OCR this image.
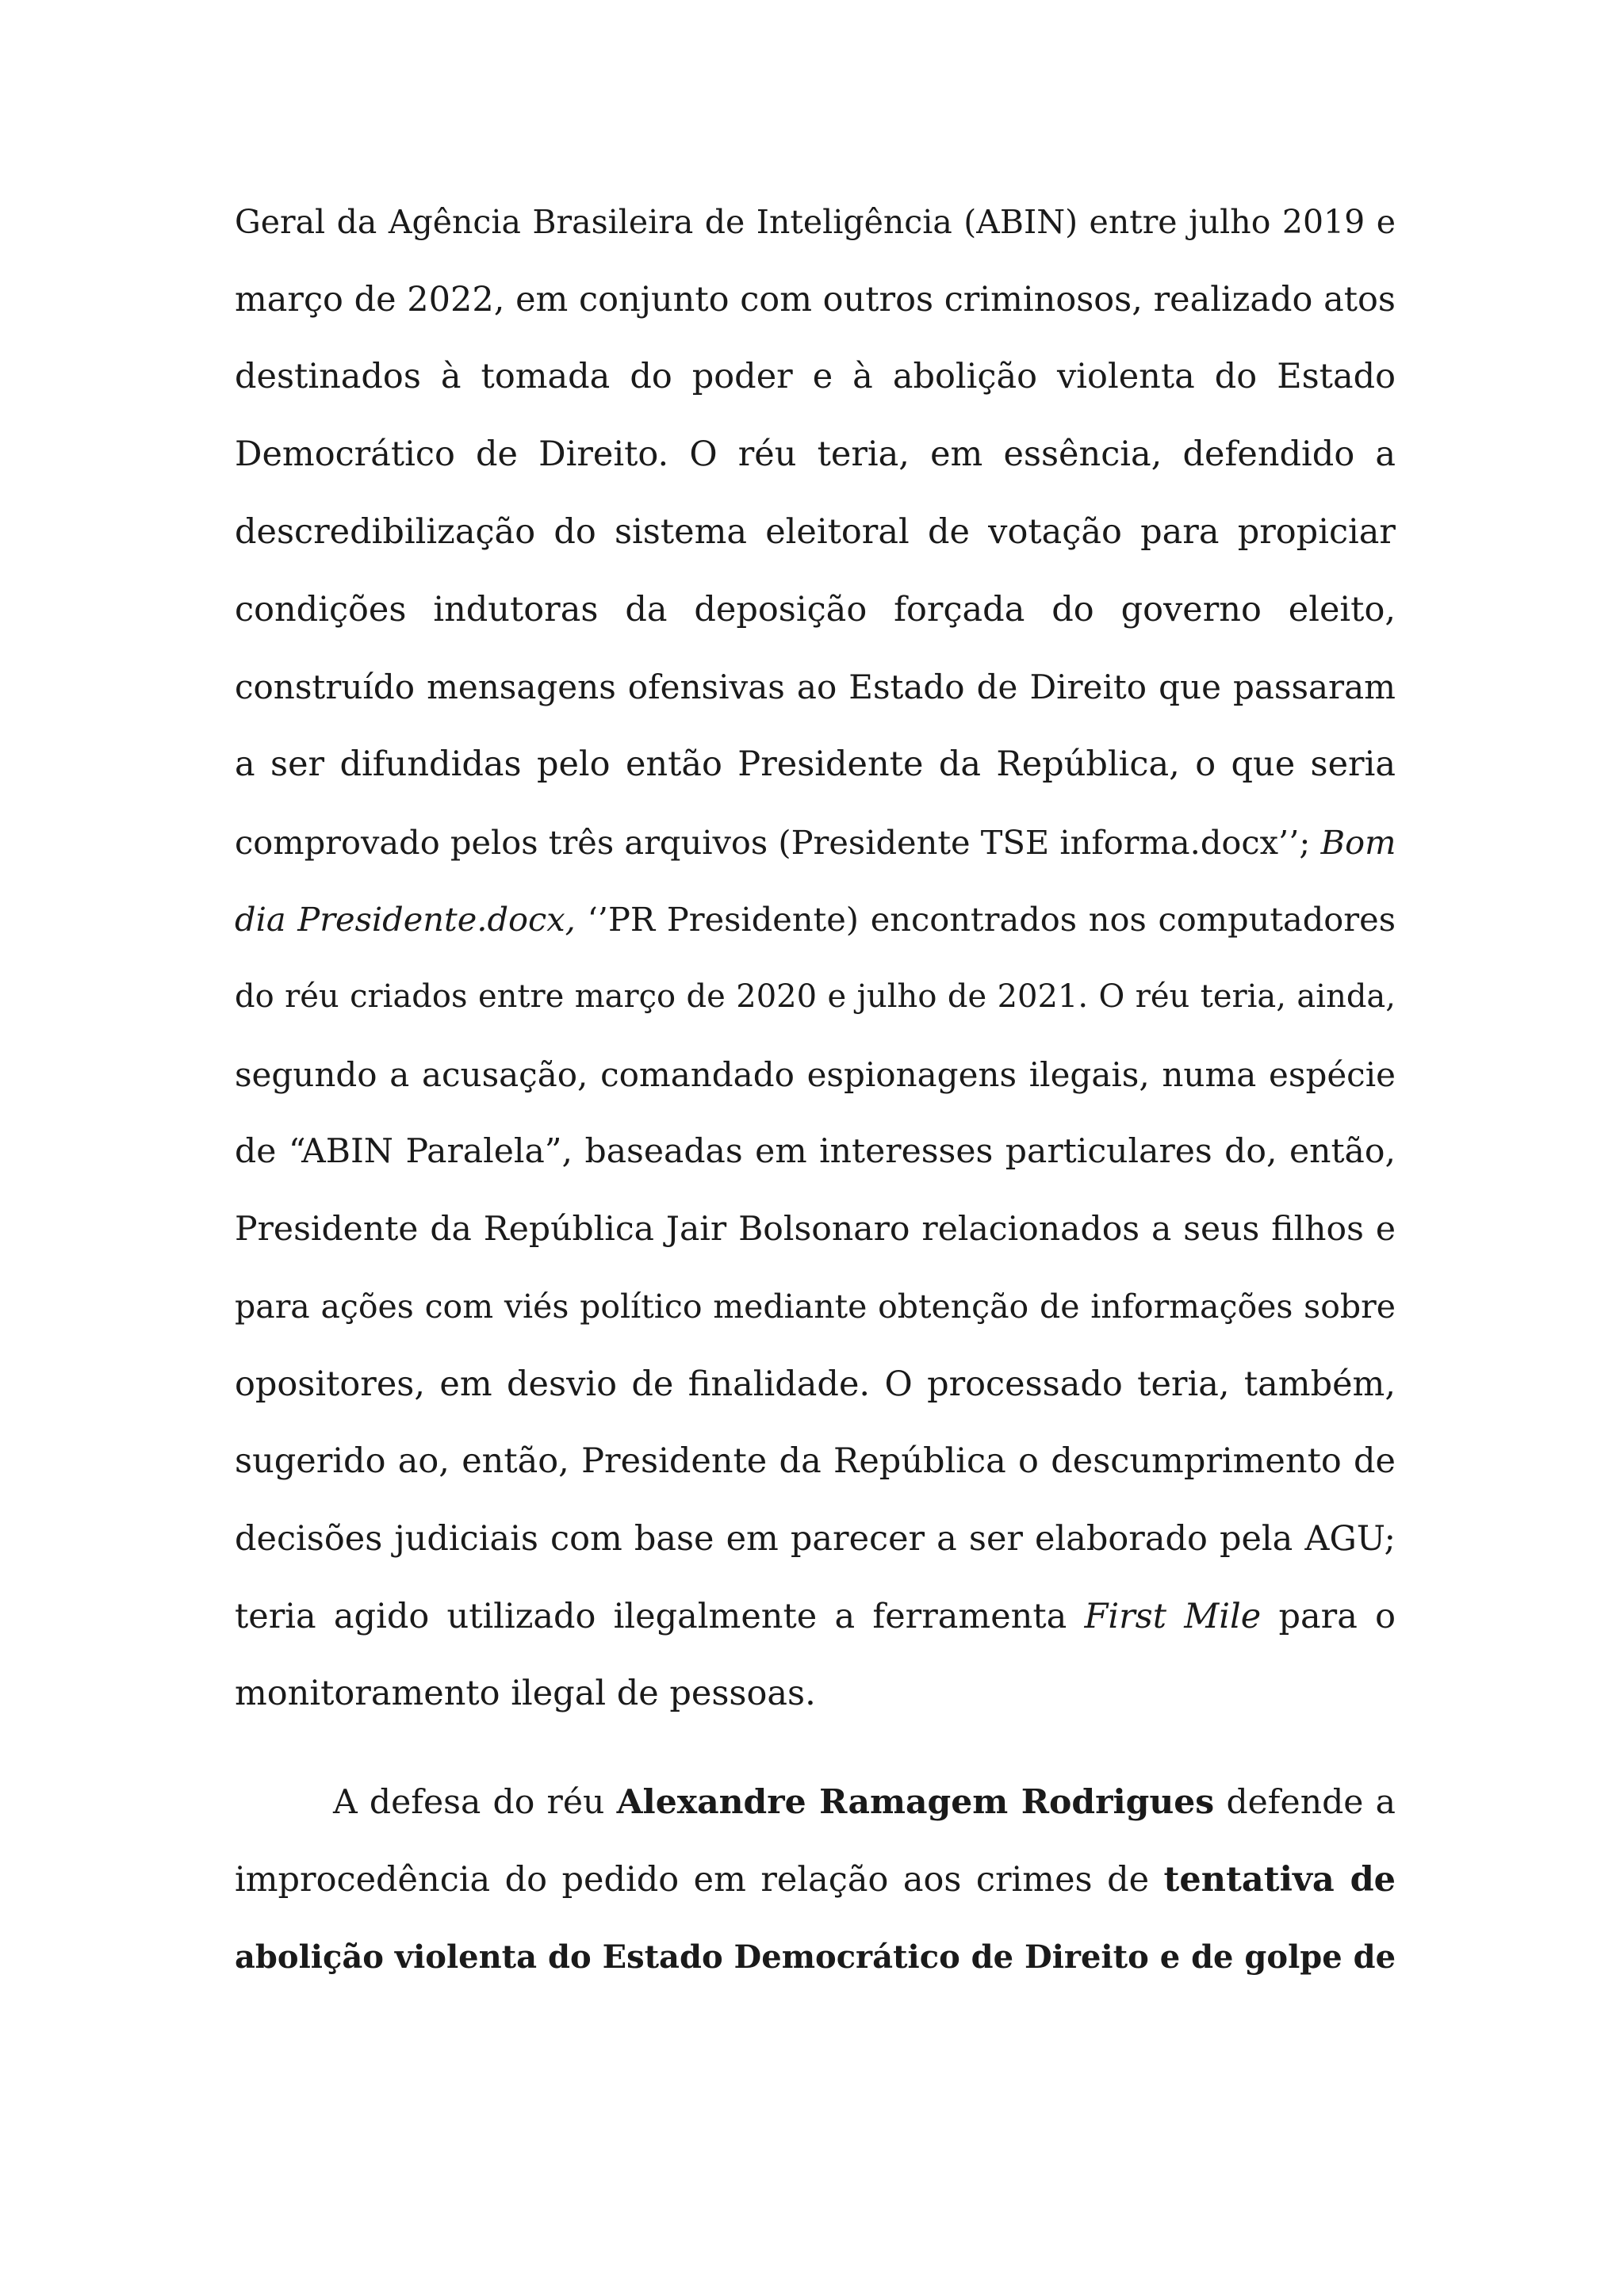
Geral da Agência Brasileira de Inteligência (ABIN) entre julho 2019 e
março de 2022, em conjunto com outros criminosos, realizado atos
destinados à tomada do poder e à abolição violenta do Estado
Democrático de Direito. O réu teria, em essência, defendido a
descredibilização do sistema eleitoral de votação para propiciar
condições indutoras da deposição forçada do governo eleito,
construído mensagens ofensivas ao Estado de Direito que passaram
a ser difundidas pelo então Presidente da República, o que seria
comprovado pelos três arquivos (Presidente TSE informa.docx’’; Bom
dia Presidente.docx, ‘’PR Presidente) encontrados nos computadores
do réu criados entre março de 2020 e julho de 2021. O réu teria, ainda,
segundo a acusação, comandado espionagens ilegais, numa espécie
de “ABIN Paralela”, baseadas em interesses particulares do, então,
Presidente da República Jair Bolsonaro relacionados a seus filhos e
para ações com viés político mediante obtenção de informações sobre
opositores, em desvio de finalidade. O processado teria, também,
sugerido ao, então, Presidente da República o descumprimento de
decisões judiciais com base em parecer a ser elaborado pela AGU;
teria agido utilizado ilegalmente a ferramenta First Mile para o
monitoramento ilegal de pessoas.

A defesa do réu Alexandre Ramagem Rodrigues defende a
improcedência do pedido em relação aos crimes de tentativa de
abolição violenta do Estado Democrático de Direito e de golpe de
